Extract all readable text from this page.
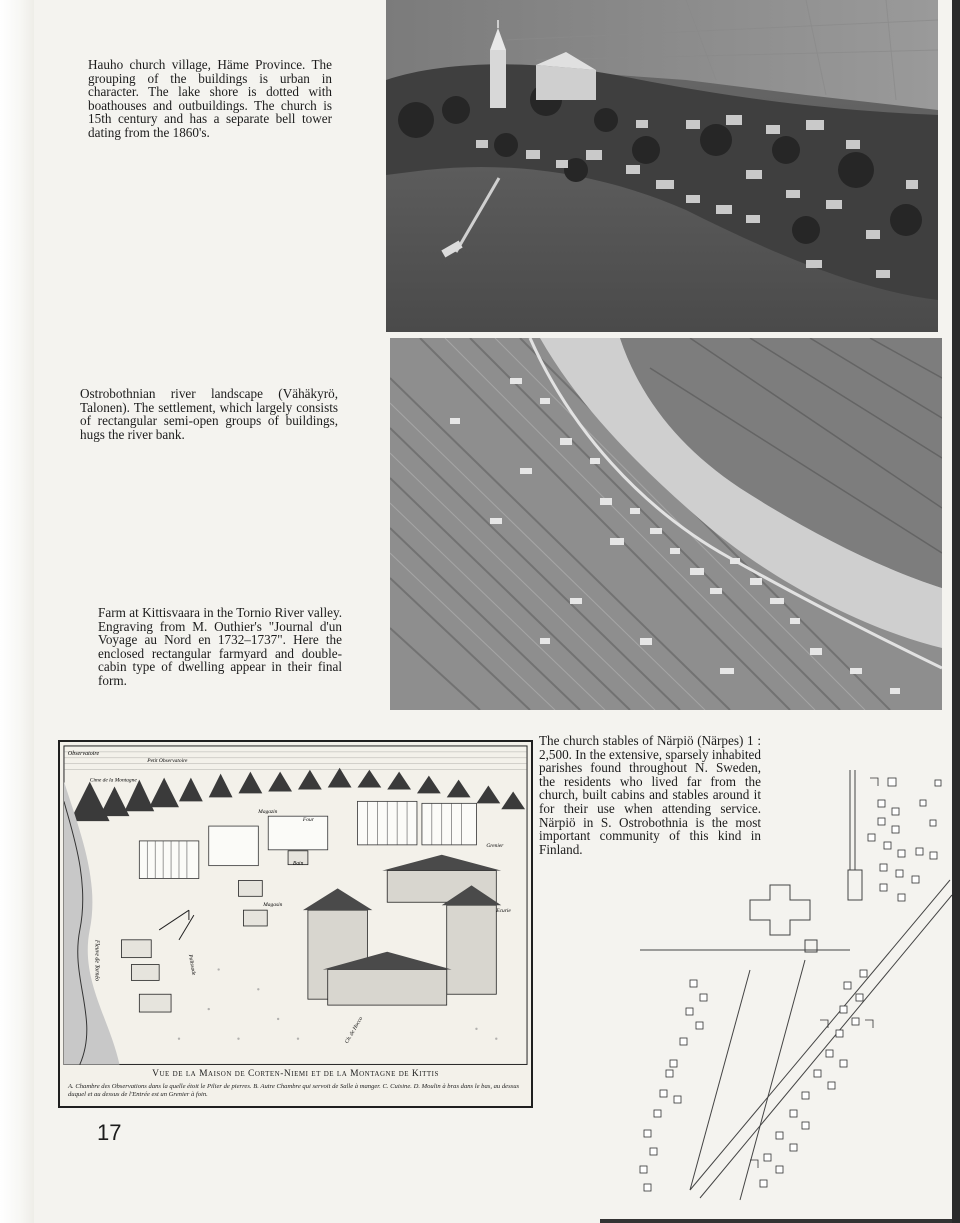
Hauho church village, Häme Province. The grouping of the buildings is urban in character. The lake shore is dotted with boathouses and outbuildings. The church is 15th century and has a separate bell tower dating from the 1860's.

Ostrobothnian river landscape (Vähäkyrö, Talonen). The settlement, which largely consists of rectangular semi-open groups of buildings, hugs the river bank.

Farm at Kittisvaara in the Tornio River valley. Engraving from M. Outhier's "Journal d'un Voyage au Nord en 1732–1737". Here the enclosed rectangular farmyard and double-cabin type of dwelling appear in their final form.

The church stables of Närpiö (Närpes) 1 : 2,500. In the extensive, sparsely inhabited parishes found throughout N. Sweden, the residents who lived far from the church, built cabins and stables around it for their use when attending service. Närpiö in S. Ostrobothnia is the most important community of this kind in Finland.

Observatoire
Petit Observatoire
Cime de la Montagne
Magazin
Four
Bain
Magasin
Grenier
Ecurie
Fleuve de Tornéo	Palissade
Ch. de Hocco
Vue de la Maison de Corten-Niemi et de la Montagne de Kittis
A. Chambre des Observations dans la quelle étoit le Pilier de pierres. B. Autre Chambre qui servoit de Salle à manger. C. Cuisine. D. Moulin à bras dans le bas, au dessus duquel et au dessus de l'Entrée est un Grenier à foin.
17
